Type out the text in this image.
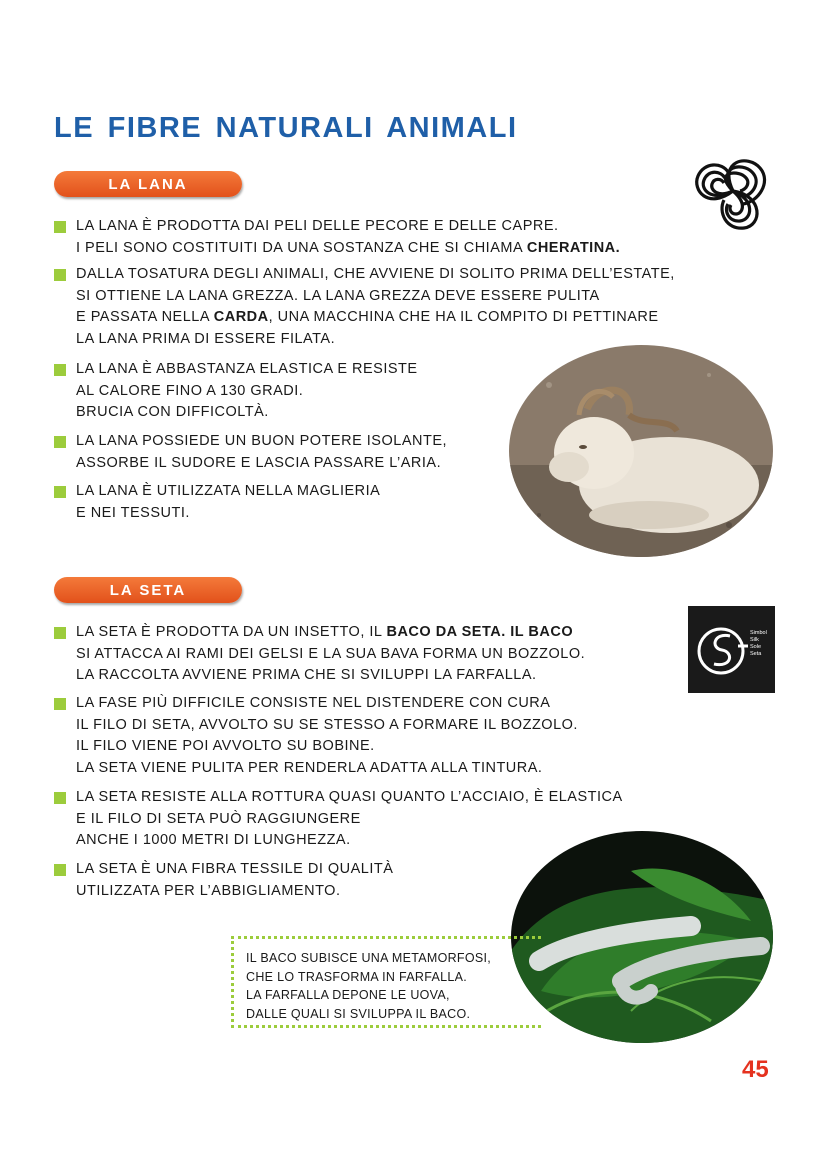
LE FIBRE NATURALI ANIMALI
LA LANA
LA LANA È PRODOTTA DAI PELI DELLE PECORE E DELLE CAPRE.
I PELI SONO COSTITUITI DA UNA SOSTANZA CHE SI CHIAMA CHERATINA.
DALLA TOSATURA DEGLI ANIMALI, CHE AVVIENE DI SOLITO PRIMA DELL’ESTATE,
SI OTTIENE LA LANA GREZZA. LA LANA GREZZA DEVE ESSERE PULITA
E PASSATA NELLA CARDA, UNA MACCHINA CHE HA IL COMPITO DI PETTINARE
LA LANA PRIMA DI ESSERE FILATA.
LA LANA È ABBASTANZA ELASTICA E RESISTE
AL CALORE FINO A 130 GRADI.
BRUCIA CON DIFFICOLTÀ.
LA LANA POSSIEDE UN BUON POTERE ISOLANTE,
ASSORBE IL SUDORE E LASCIA PASSARE L’ARIA.
LA LANA È UTILIZZATA NELLA MAGLIERIA
E NEI TESSUTI.
LA SETA
Simbol
Silk
Sole
Seta
LA SETA È PRODOTTA DA UN INSETTO, IL BACO DA SETA. IL BACO
SI ATTACCA AI RAMI DEI GELSI E LA SUA BAVA FORMA UN BOZZOLO.
LA RACCOLTA AVVIENE PRIMA CHE SI SVILUPPI LA FARFALLA.
LA FASE PIÙ DIFFICILE CONSISTE NEL DISTENDERE CON CURA
IL FILO DI SETA, AVVOLTO SU SE STESSO A FORMARE IL BOZZOLO.
IL FILO VIENE POI AVVOLTO SU BOBINE.
LA SETA VIENE PULITA PER RENDERLA ADATTA ALLA TINTURA.
LA SETA RESISTE ALLA ROTTURA QUASI QUANTO L’ACCIAIO, È ELASTICA
E IL FILO DI SETA PUÒ RAGGIUNGERE
ANCHE I 1000 METRI DI LUNGHEZZA.
LA SETA È UNA FIBRA TESSILE DI QUALITÀ
UTILIZZATA PER L’ABBIGLIAMENTO.
IL BACO SUBISCE UNA METAMORFOSI,
CHE LO TRASFORMA IN FARFALLA.
LA FARFALLA DEPONE LE UOVA,
DALLE QUALI SI SVILUPPA IL BACO.
45
